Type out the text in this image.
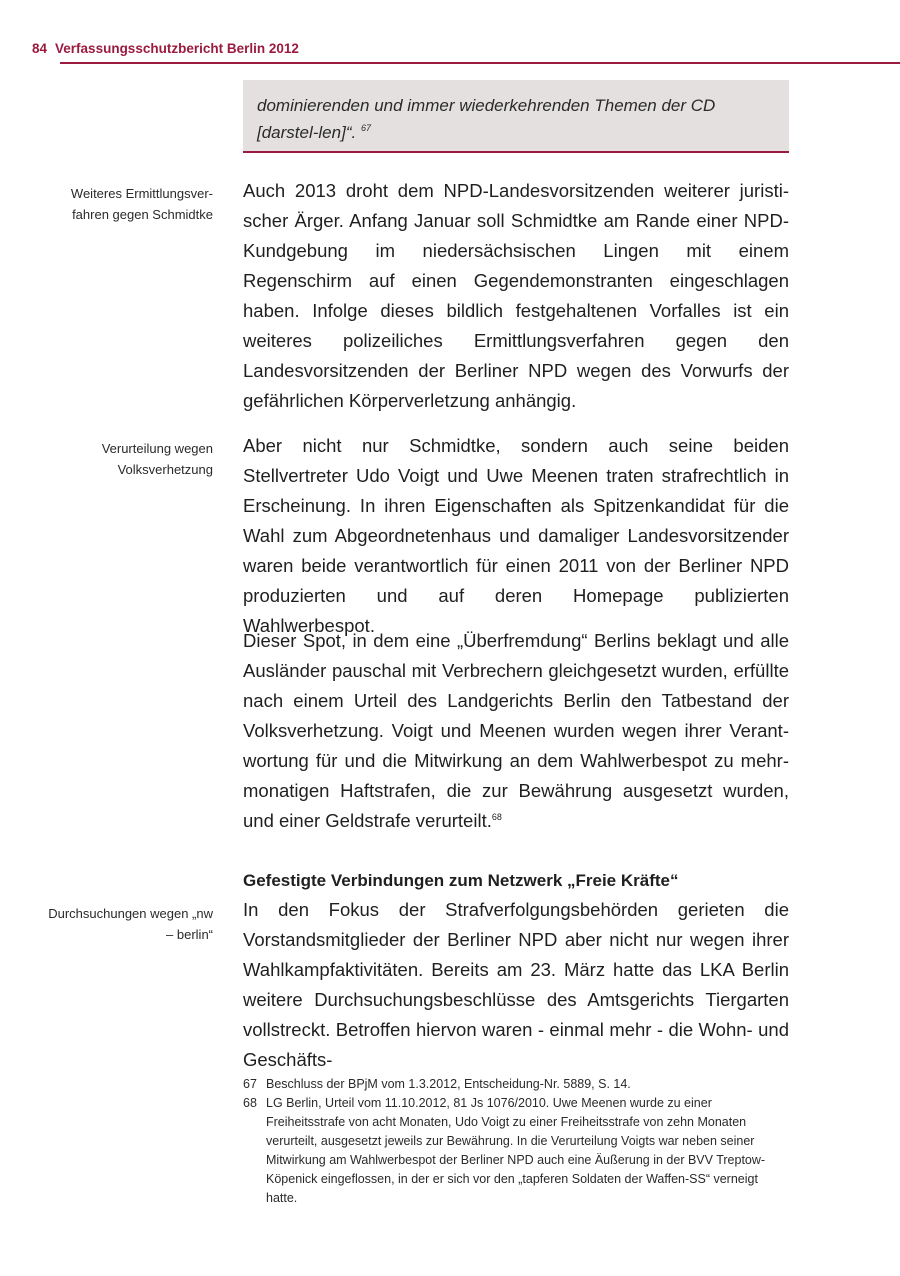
84 Verfassungsschutzbericht Berlin 2012
dominierenden und immer wiederkehrenden Themen der CD [darstel-len]“. $^{67}$
Weiteres Ermittlungsver-fahren gegen Schmidtke
Auch 2013 droht dem NPD-Landesvorsitzenden weiterer juristischer Ärger. Anfang Januar soll Schmidtke am Rande einer NPD-Kundgebung im niedersächsischen Lingen mit einem Regenschirm auf einen Gegendemonstranten eingeschlagen haben. Infolge dieses bildlich festgehaltenen Vorfalles ist ein weiteres polizeiliches Ermittlungsverfahren gegen den Landesvorsitzenden der Berliner NPD wegen des Vorwurfs der gefährlichen Körperverletzung anhängig.
Verurteilung wegen Volksverhetzung
Aber nicht nur Schmidtke, sondern auch seine beiden Stellvertreter Udo Voigt und Uwe Meenen traten strafrechtlich in Erscheinung. In ihren Eigenschaften als Spitzenkandidat für die Wahl zum Abgeordnetenhaus und damaliger Landesvorsitzender waren beide verantwortlich für einen 2011 von der Berliner NPD produzierten und auf deren Homepage publizierten Wahlwerbespot.
Dieser Spot, in dem eine „Überfremdung“ Berlins beklagt und alle Ausländer pauschal mit Verbrechern gleichgesetzt wurden, erfüllte nach einem Urteil des Landgerichts Berlin den Tatbestand der Volksverhetzung. Voigt und Meenen wurden wegen ihrer Verantwortung für und die Mitwirkung an dem Wahlwerbespot zu mehrmonatigen Haftstrafen, die zur Bewährung ausgesetzt wurden, und einer Geldstrafe verurteilt.$^{68}$
Gefestigte Verbindungen zum Netzwerk „Freie Kräfte“
Durchsuchungen wegen „nw – berlin“
In den Fokus der Strafverfolgungsbehörden gerieten die Vorstandsmitglieder der Berliner NPD aber nicht nur wegen ihrer Wahlkampfaktivitäten. Bereits am 23. März hatte das LKA Berlin weitere Durchsuchungsbeschlüsse des Amtsgerichts Tiergarten vollstreckt. Betroffen hiervon waren - einmal mehr - die Wohn- und Geschäfts-
67 Beschluss der BPjM vom 1.3.2012, Entscheidung-Nr. 5889, S. 14.
68 LG Berlin, Urteil vom 11.10.2012, 81 Js 1076/2010. Uwe Meenen wurde zu einer Freiheitsstrafe von acht Monaten, Udo Voigt zu einer Freiheitsstrafe von zehn Monaten verurteilt, ausgesetzt jeweils zur Bewährung. In die Verurteilung Voigts war neben seiner Mitwirkung am Wahlwerbespot der Berliner NPD auch eine Äußerung in der BVV Treptow-Köpenick eingeflossen, in der er sich vor den „tapferen Soldaten der Waffen-SS“ verneigt hatte.
